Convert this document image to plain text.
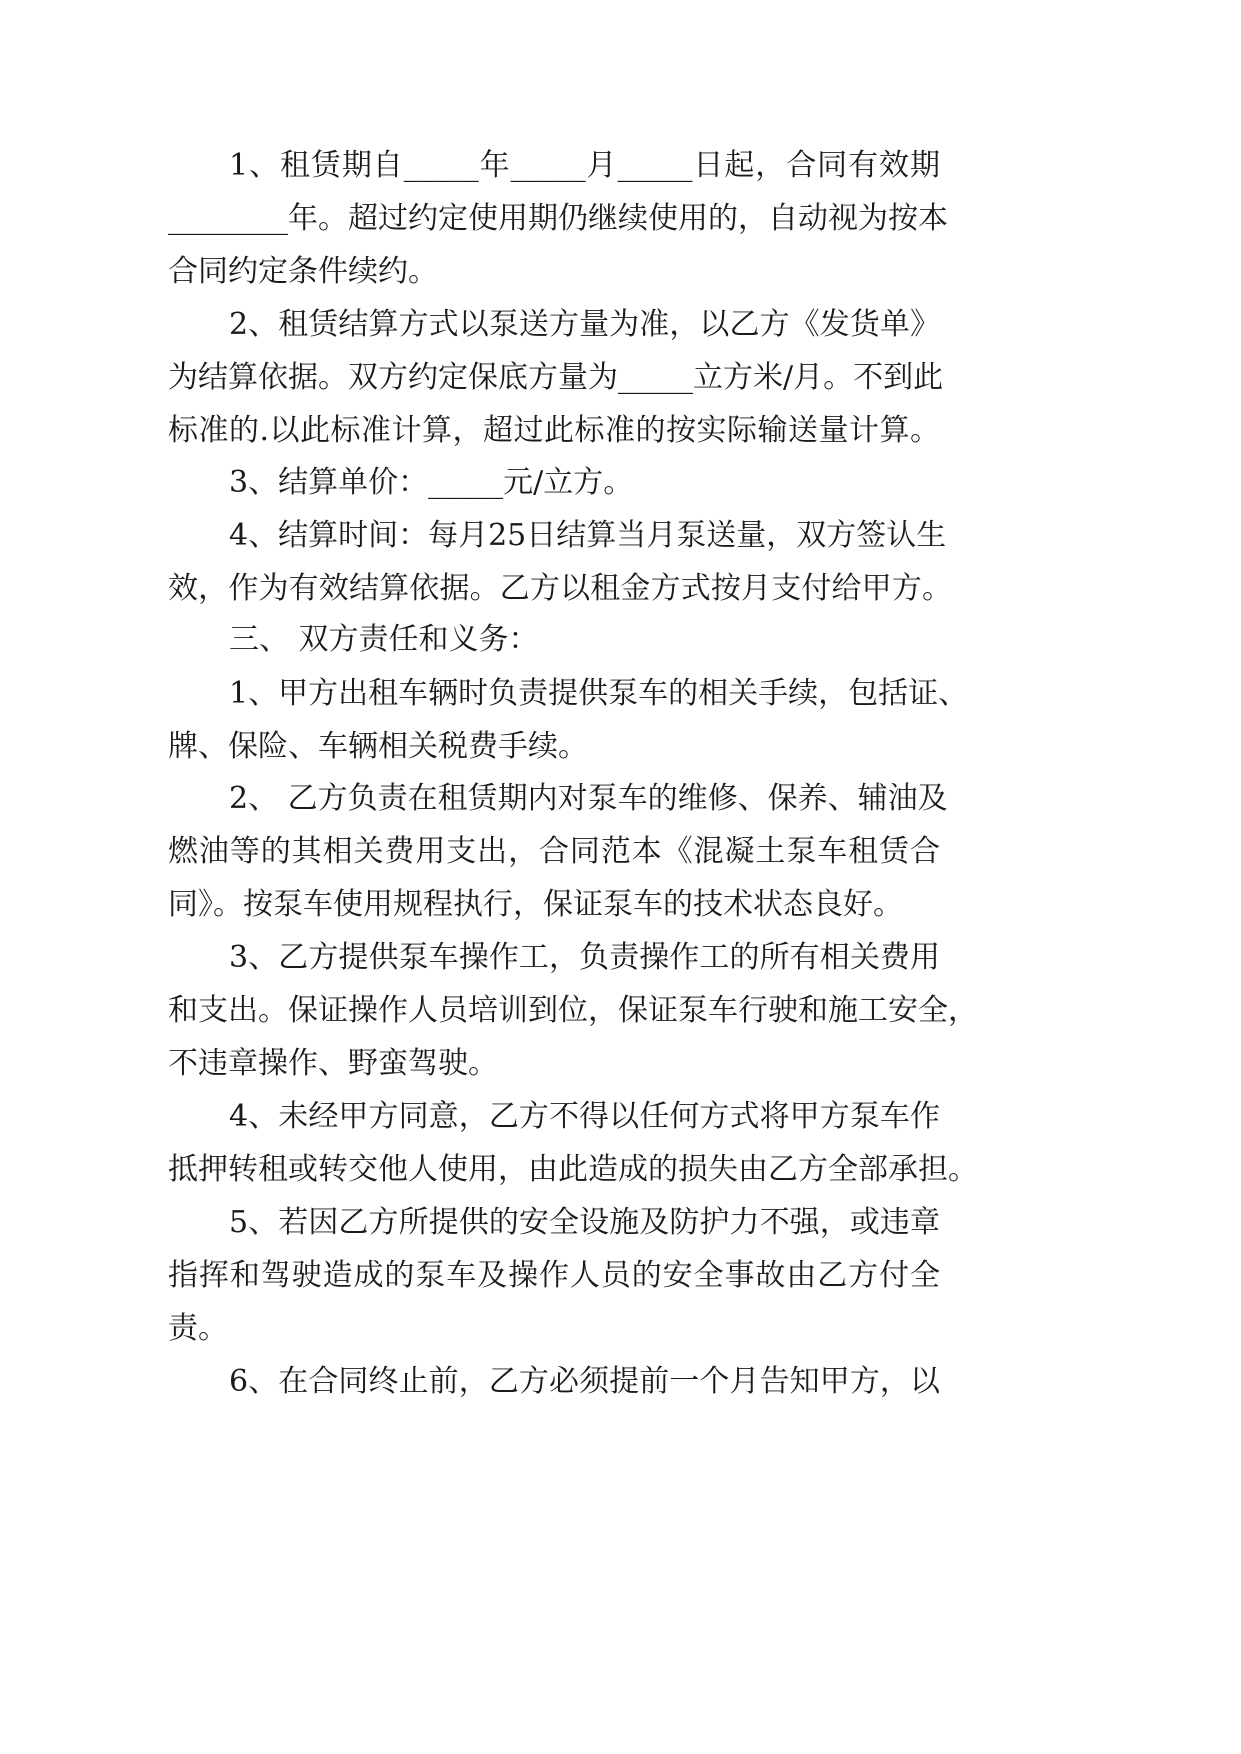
1、租赁期自_____年_____月_____日起，合同有效期
________年。超过约定使用期仍继续使用的，自动视为按本
合同约定条件续约。
2、租赁结算方式以泵送方量为准，以乙方《发货单》
为结算依据。双方约定保底方量为_____立方米/月。不到此
标准的.以此标准计算，超过此标准的按实际输送量计算。
3、结算单价：_____元/立方。
4、结算时间：每月25日结算当月泵送量，双方签认生
效，作为有效结算依据。乙方以租金方式按月支付给甲方。
三、 双方责任和义务：
1、甲方出租车辆时负责提供泵车的相关手续，包括证、
牌、保险、车辆相关税费手续。
2、 乙方负责在租赁期内对泵车的维修、保养、辅油及
燃油等的其相关费用支出，合同范本《混凝土泵车租赁合
同》。按泵车使用规程执行，保证泵车的技术状态良好。
3、乙方提供泵车操作工，负责操作工的所有相关费用
和支出。保证操作人员培训到位，保证泵车行驶和施工安全，
不违章操作、野蛮驾驶。
4、未经甲方同意，乙方不得以任何方式将甲方泵车作
抵押转租或转交他人使用，由此造成的损失由乙方全部承担。
5、若因乙方所提供的安全设施及防护力不强，或违章
指挥和驾驶造成的泵车及操作人员的安全事故由乙方付全
责。
6、在合同终止前，乙方必须提前一个月告知甲方，以
